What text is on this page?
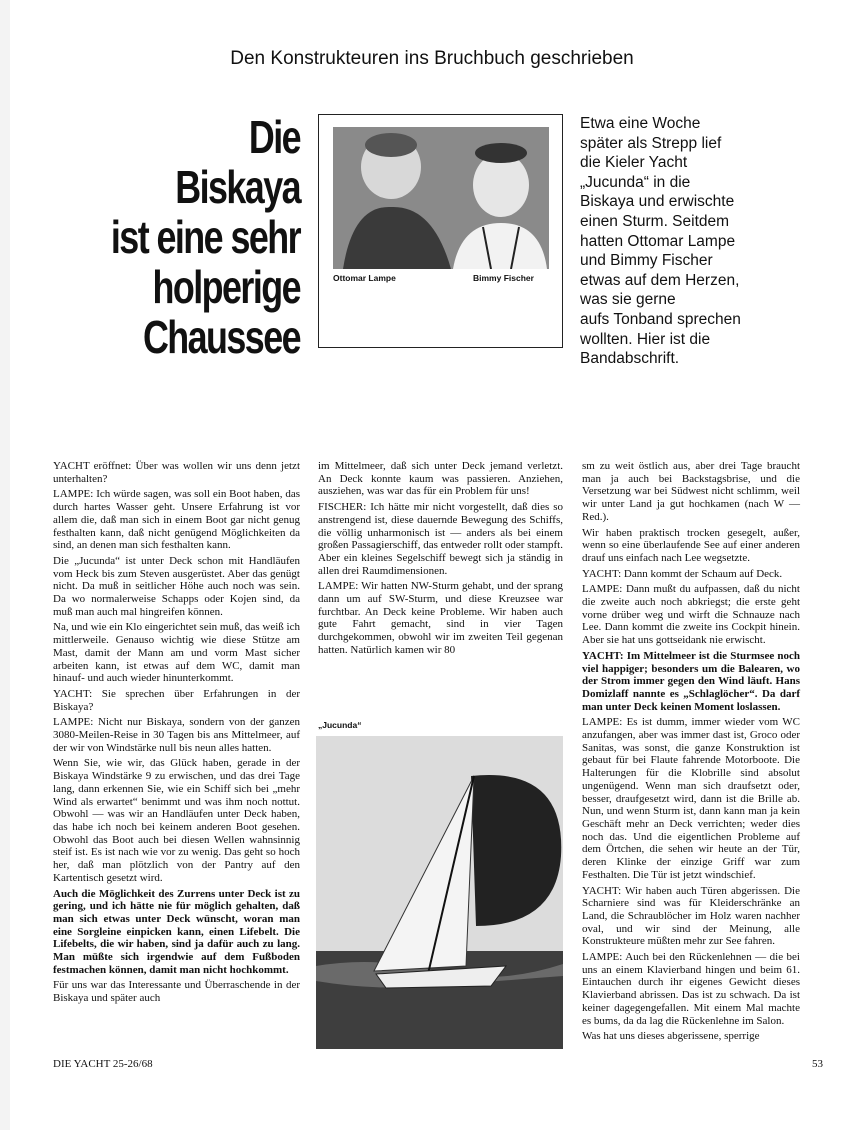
Den Konstrukteuren ins Bruchbuch geschrieben
Die
Biskaya
ist eine sehr
holperige
Chaussee
Ottomar Lampe	Bimmy Fischer
Etwa eine Woche
später als Strepp lief
die Kieler Yacht
„Jucunda“ in die
Biskaya und erwischte
einen Sturm. Seitdem
hatten Ottomar Lampe
und Bimmy Fischer
etwas auf dem Herzen,
was sie gerne
aufs Tonband sprechen
wollten. Hier ist die
Bandabschrift.

YACHT eröffnet: Über was wollen wir uns denn jetzt unterhalten?

LAMPE: Ich würde sagen, was soll ein Boot haben, das durch hartes Wasser geht. Unsere Erfahrung ist vor allem die, daß man sich in einem Boot gar nicht genug festhalten kann, daß nicht genügend Möglichkeiten da sind, an denen man sich festhalten kann.

Die „Jucunda“ ist unter Deck schon mit Handläufen vom Heck bis zum Steven ausgerüstet. Aber das genügt nicht. Da muß in seitlicher Höhe auch noch was sein. Da wo normalerweise Schapps oder Kojen sind, da muß man auch mal hingreifen können.

Na, und wie ein Klo eingerichtet sein muß, das weiß ich mittlerweile. Genauso wichtig wie diese Stütze am Mast, damit der Mann am und vorm Mast sicher arbeiten kann, ist etwas auf dem WC, damit man hinauf- und auch wieder hinunterkommt.

YACHT: Sie sprechen über Erfahrungen in der Biskaya?

LAMPE: Nicht nur Biskaya, sondern von der ganzen 3080-Meilen-Reise in 30 Tagen bis ans Mittelmeer, auf der wir von Windstärke null bis neun alles hatten.

Wenn Sie, wie wir, das Glück haben, gerade in der Biskaya Windstärke 9 zu erwischen, und das drei Tage lang, dann erkennen Sie, wie ein Schiff sich bei „mehr Wind als erwartet“ benimmt und was ihm noch nottut. Obwohl — was wir an Handläufen unter Deck haben, das habe ich noch bei keinem anderen Boot gesehen. Obwohl das Boot auch bei diesen Wellen wahnsinnig steif ist. Es ist nach wie vor zu wenig. Das geht so hoch her, daß man plötzlich von der Pantry auf den Kartentisch gesetzt wird.

Auch die Möglichkeit des Zurrens unter Deck ist zu gering, und ich hätte nie für möglich gehalten, daß man sich etwas unter Deck wünscht, woran man eine Sorgleine einpicken kann, einen Lifebelt. Die Lifebelts, die wir haben, sind ja dafür auch zu lang. Man müßte sich irgendwie auf dem Fußboden festmachen können, damit man nicht hochkommt.

Für uns war das Interessante und Überraschende in der Biskaya und später auch

im Mittelmeer, daß sich unter Deck jemand verletzt. An Deck konnte kaum was passieren. Anziehen, ausziehen, was war das für ein Problem für uns!

FISCHER: Ich hätte mir nicht vorgestellt, daß dies so anstrengend ist, diese dauernde Bewegung des Schiffs, die völlig unharmonisch ist — anders als bei einem großen Passagierschiff, das entweder rollt oder stampft. Aber ein kleines Segelschiff bewegt sich ja ständig in allen drei Raumdimensionen.

LAMPE: Wir hatten NW-Sturm gehabt, und der sprang dann um auf SW-Sturm, und diese Kreuzsee war furchtbar. An Deck keine Probleme. Wir haben auch gute Fahrt gemacht, sind in vier Tagen durchgekommen, obwohl wir im zweiten Teil gegenan hatten. Natürlich kamen wir 80

sm zu weit östlich aus, aber drei Tage braucht man ja auch bei Backstagsbrise, und die Versetzung war bei Südwest nicht schlimm, weil wir unter Land ja gut hochkamen (nach W — Red.).

Wir haben praktisch trocken gesegelt, außer, wenn so eine überlaufende See auf einer anderen drauf uns einfach nach Lee wegsetzte.

YACHT: Dann kommt der Schaum auf Deck.

LAMPE: Dann mußt du aufpassen, daß du nicht die zweite auch noch abkriegst; die erste geht vorne drüber weg und wirft die Schnauze nach Lee. Dann kommt die zweite ins Cockpit hinein. Aber sie hat uns gottseidank nie erwischt.

YACHT: Im Mittelmeer ist die Sturmsee noch viel happiger; besonders um die Balearen, wo der Strom immer gegen den Wind läuft. Hans Domizlaff nannte es „Schlaglöcher“. Da darf man unter Deck keinen Moment loslassen.

LAMPE: Es ist dumm, immer wieder vom WC anzufangen, aber was immer dast ist, Groco oder Sanitas, was sonst, die ganze Konstruktion ist gebaut für bei Flaute fahrende Motorboote. Die Halterungen für die Klobrille sind absolut ungenügend. Wenn man sich draufsetzt oder, besser, draufgesetzt wird, dann ist die Brille ab. Nun, und wenn Sturm ist, dann kann man ja kein Geschäft mehr an Deck verrichten; weder dies noch das. Und die eigentlichen Probleme auf dem Örtchen, die sehen wir heute an der Tür, deren Klinke der einzige Griff war zum Festhalten. Die Tür ist jetzt windschief.

YACHT: Wir haben auch Türen abgerissen. Die Scharniere sind was für Kleiderschränke an Land, die Schraublöcher im Holz waren nachher oval, und wir sind der Meinung, alle Konstrukteure müßten mehr zur See fahren.

LAMPE: Auch bei den Rückenlehnen — die bei uns an einem Klavierband hingen und beim 61. Eintauchen durch ihr eigenes Gewicht dieses Klavierband abrissen. Das ist zu schwach. Da ist keiner dagegengefallen. Mit einem Mal machte es bums, da da lag die Rückenlehne im Salon.

Was hat uns dieses abgerissene, sperrige

„Jucunda“
DIE YACHT 25-26/68	53
